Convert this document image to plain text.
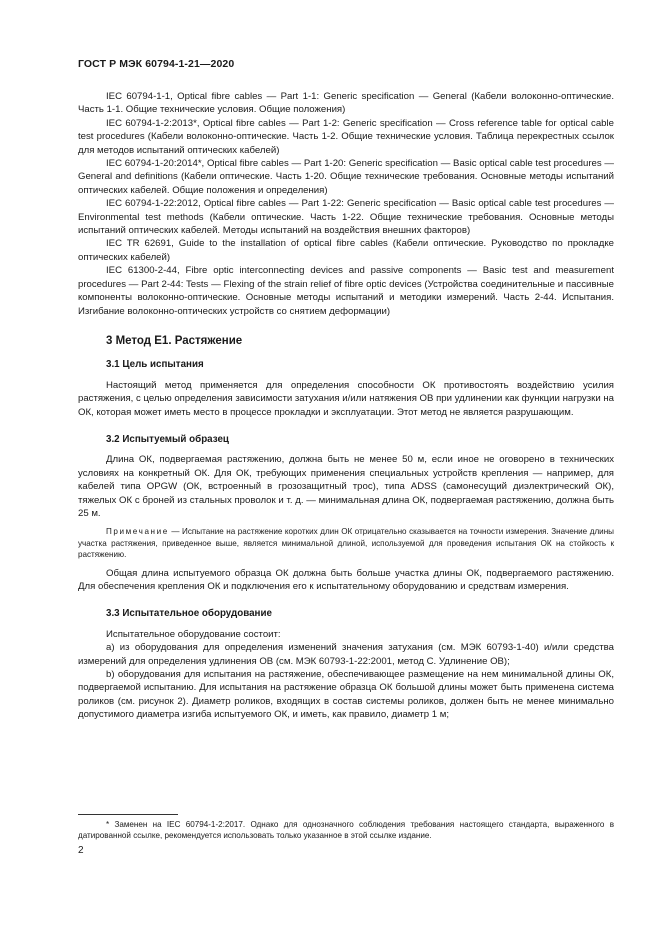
ГОСТ Р МЭК 60794-1-21—2020

IEC 60794-1-1, Optical fibre cables — Part 1-1: Generic specification — General (Кабели волоконно-оптические. Часть 1-1. Общие технические условия. Общие положения)

IEC 60794-1-2:2013*, Optical fibre cables — Part 1-2: Generic specification — Cross reference table for optical cable test procedures (Кабели волоконно-оптические. Часть 1-2. Общие технические условия. Таблица перекрестных ссылок для методов испытаний оптических кабелей)

IEC 60794-1-20:2014*, Optical fibre cables — Part 1-20: Generic specification — Basic optical cable test procedures — General and definitions (Кабели оптические. Часть 1-20. Общие технические требования. Основные методы испытаний оптических кабелей. Общие положения и определения)

IEC 60794-1-22:2012, Optical fibre cables — Part 1-22: Generic specification — Basic optical cable test procedures — Environmental test methods (Кабели оптические. Часть 1-22. Общие технические требования. Основные методы испытаний оптических кабелей. Методы испытаний на воздействия внешних факторов)

IEC TR 62691, Guide to the installation of optical fibre cables (Кабели оптические. Руководство по прокладке оптических кабелей)

IEC 61300-2-44, Fibre optic interconnecting devices and passive components — Basic test and measurement procedures — Part 2-44: Tests — Flexing of the strain relief of fibre optic devices (Устройства соединительные и пассивные компоненты волоконно-оптические. Основные методы испытаний и методики измерений. Часть 2-44. Испытания. Изгибание волоконно-оптических устройств со снятием деформации)

3 Метод E1. Растяжение
3.1 Цель испытания

Настоящий метод применяется для определения способности ОК противостоять воздействию усилия растяжения, с целью определения зависимости затухания и/или натяжения ОВ при удлинении как функции нагрузки на ОК, которая может иметь место в процессе прокладки и эксплуатации. Этот метод не является разрушающим.

3.2 Испытуемый образец

Длина ОК, подвергаемая растяжению, должна быть не менее 50 м, если иное не оговорено в технических условиях на конкретный ОК. Для ОК, требующих применения специальных устройств крепления — например, для кабелей типа OPGW (ОК, встроенный в грозозащитный трос), типа ADSS (самонесущий диэлектрический ОК), тяжелых ОК с броней из стальных проволок и т. д. — минимальная длина ОК, подвергаемая растяжению, должна быть 25 м.

Примечание — Испытание на растяжение коротких длин ОК отрицательно сказывается на точности измерения. Значение длины участка растяжения, приведенное выше, является минимальной длиной, используемой для проведения испытания ОК на стойкость к растяжению.

Общая длина испытуемого образца ОК должна быть больше участка длины ОК, подвергаемого растяжению. Для обеспечения крепления ОК и подключения его к испытательному оборудованию и средствам измерения.

3.3 Испытательное оборудование

Испытательное оборудование состоит:

а) из оборудования для определения изменений значения затухания (см. МЭК 60793-1-40) и/или средства измерений для определения удлинения ОВ (см. МЭК 60793-1-22:2001, метод С. Удлинение ОВ);

b) оборудования для испытания на растяжение, обеспечивающее размещение на нем минимальной длины ОК, подвергаемой испытанию. Для испытания на растяжение образца ОК большой длины может быть применена система роликов (см. рисунок 2). Диаметр роликов, входящих в состав системы роликов, должен быть не менее минимально допустимого диаметра изгиба испытуемого ОК, и иметь, как правило, диаметр 1 м;

* Заменен на IEC 60794-1-2:2017. Однако для однозначного соблюдения требования настоящего стандарта, выраженного в датированной ссылке, рекомендуется использовать только указанное в этой ссылке издание.
2
